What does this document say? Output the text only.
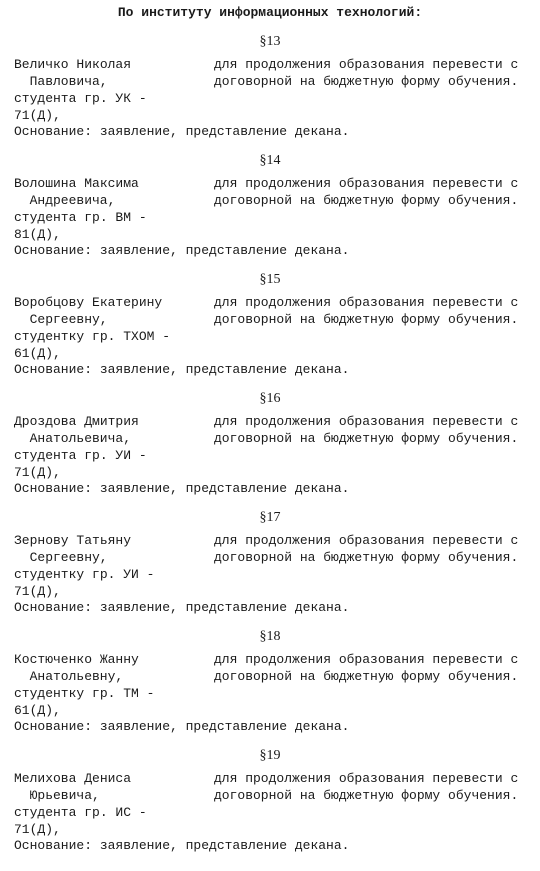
По институту информационных технологий:
§13
Величко Николая
Павловича,
студента гр. УК -
71(Д),
для продолжения образования перевести с
договорной на бюджетную форму обучения.
Основание: заявление, представление декана.
§14
Волошина Максима
Андреевича,
студента гр. ВМ -
81(Д),
для продолжения образования перевести с
договорной на бюджетную форму обучения.
Основание: заявление, представление декана.
§15
Воробцову Екатерину
Сергеевну,
студентку гр. ТХОМ -
61(Д),
для продолжения образования перевести с
договорной на бюджетную форму обучения.
Основание: заявление, представление декана.
§16
Дроздова Дмитрия
Анатольевича,
студента гр. УИ -
71(Д),
для продолжения образования перевести с
договорной на бюджетную форму обучения.
Основание: заявление, представление декана.
§17
Зернову Татьяну
Сергеевну,
студентку гр. УИ -
71(Д),
для продолжения образования перевести с
договорной на бюджетную форму обучения.
Основание: заявление, представление декана.
§18
Костюченко Жанну
Анатольевну,
студентку гр. ТМ -
61(Д),
для продолжения образования перевести с
договорной на бюджетную форму обучения.
Основание: заявление, представление декана.
§19
Мелихова Дениса
Юрьевича,
студента гр. ИС -
71(Д),
для продолжения образования перевести с
договорной на бюджетную форму обучения.
Основание: заявление, представление декана.
